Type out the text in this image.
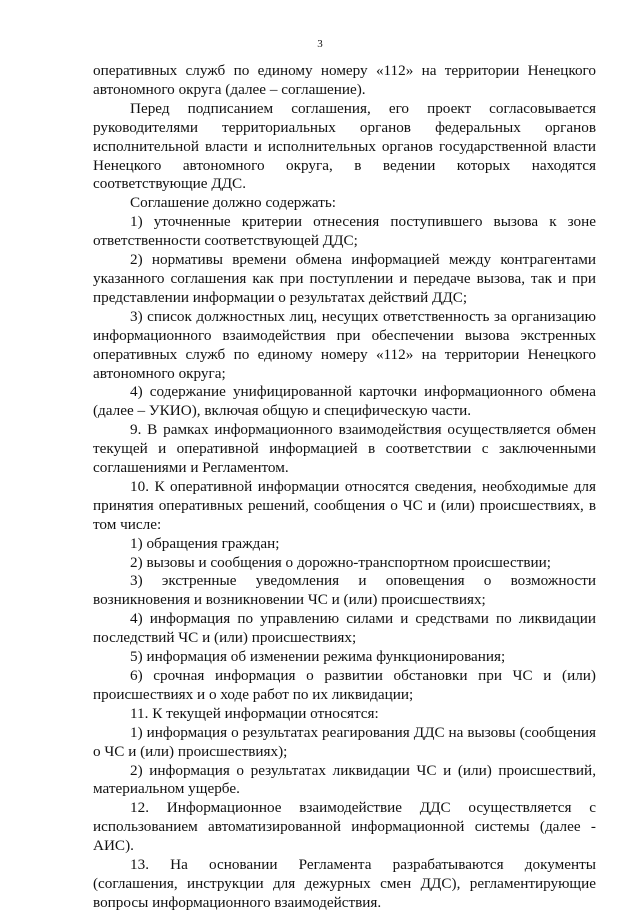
3

оперативных служб по единому номеру «112» на территории Ненецкого автономного округа (далее – соглашение).

Перед подписанием соглашения, его проект согласовывается руководителями территориальных органов федеральных органов исполнительной власти и исполнительных органов государственной власти Ненецкого автономного округа, в ведении которых находятся соответствующие ДДС.

Соглашение должно содержать:

1) уточненные критерии отнесения поступившего вызова к зоне ответственности соответствующей ДДС;

2) нормативы времени обмена информацией между контрагентами указанного соглашения как при поступлении и передаче вызова, так и при представлении информации о результатах действий ДДС;

3) список должностных лиц, несущих ответственность за организацию информационного взаимодействия при обеспечении вызова экстренных оперативных служб по единому номеру «112» на территории Ненецкого автономного округа;

4) содержание унифицированной карточки информационного обмена (далее – УКИО), включая общую и специфическую части.

9. В рамках информационного взаимодействия осуществляется обмен текущей и оперативной информацией в соответствии с заключенными соглашениями и Регламентом.

10. К оперативной информации относятся сведения, необходимые для принятия оперативных решений, сообщения о ЧС и (или) происшествиях, в том числе:

1) обращения граждан;

2) вызовы и сообщения о дорожно-транспортном происшествии;

3) экстренные уведомления и оповещения о возможности возникновения и возникновении ЧС и (или) происшествиях;

4) информация по управлению силами и средствами по ликвидации последствий ЧС и (или) происшествиях;

5) информация об изменении режима функционирования;

6) срочная информация о развитии обстановки при ЧС и (или) происшествиях и о ходе работ по их ликвидации;

11. К текущей информации относятся:

1) информация о результатах реагирования ДДС на вызовы (сообщения о ЧС и (или) происшествиях);

2) информация о результатах ликвидации ЧС и (или) происшествий, материальном ущербе.

12. Информационное взаимодействие ДДС осуществляется с использованием автоматизированной информационной системы (далее - АИС).

13. На основании Регламента разрабатываются документы (соглашения, инструкции для дежурных смен ДДС), регламентирующие вопросы информационного взаимодействия.
